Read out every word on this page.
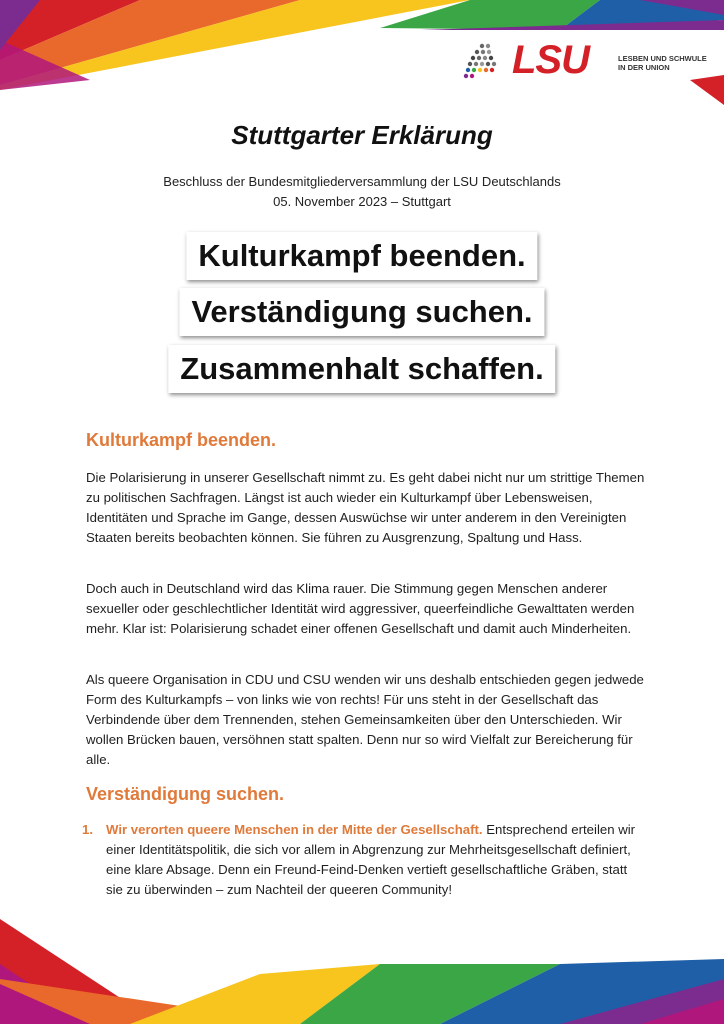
LSU	LESBEN UND SCHWULE IN DER UNION
Stuttgarter Erklärung
Beschluss der Bundesmitgliederversammlung der LSU Deutschlands
05. November 2023 – Stuttgart
Kulturkampf beenden.
Verständigung suchen.
Zusammenhalt schaffen.
Kulturkampf beenden.

Die Polarisierung in unserer Gesellschaft nimmt zu. Es geht dabei nicht nur um strittige Themen zu politischen Sachfragen. Längst ist auch wieder ein Kulturkampf über Lebensweisen, Identitäten und Sprache im Gange, dessen Auswüchse wir unter anderem in den Vereinigten Staaten bereits beobachten können. Sie führen zu Ausgrenzung, Spaltung und Hass.

Doch auch in Deutschland wird das Klima rauer. Die Stimmung gegen Menschen anderer sexueller oder geschlechtlicher Identität wird aggressiver, queerfeindliche Gewalttaten werden mehr. Klar ist: Polarisierung schadet einer offenen Gesellschaft und damit auch Minderheiten.

Als queere Organisation in CDU und CSU wenden wir uns deshalb entschieden gegen jedwede Form des Kulturkampfs – von links wie von rechts! Für uns steht in der Gesellschaft das Verbindende über dem Trennenden, stehen Gemeinsamkeiten über den Unterschieden. Wir wollen Brücken bauen, versöhnen statt spalten. Denn nur so wird Vielfalt zur Bereicherung für alle.

Verständigung suchen.
1. Wir verorten queere Menschen in der Mitte der Gesellschaft. Entsprechend erteilen wir einer Identitätspolitik, die sich vor allem in Abgrenzung zur Mehrheitsgesellschaft definiert, eine klare Absage. Denn ein Freund-Feind-Denken vertieft gesellschaftliche Gräben, statt sie zu überwinden – zum Nachteil der queeren Community!
